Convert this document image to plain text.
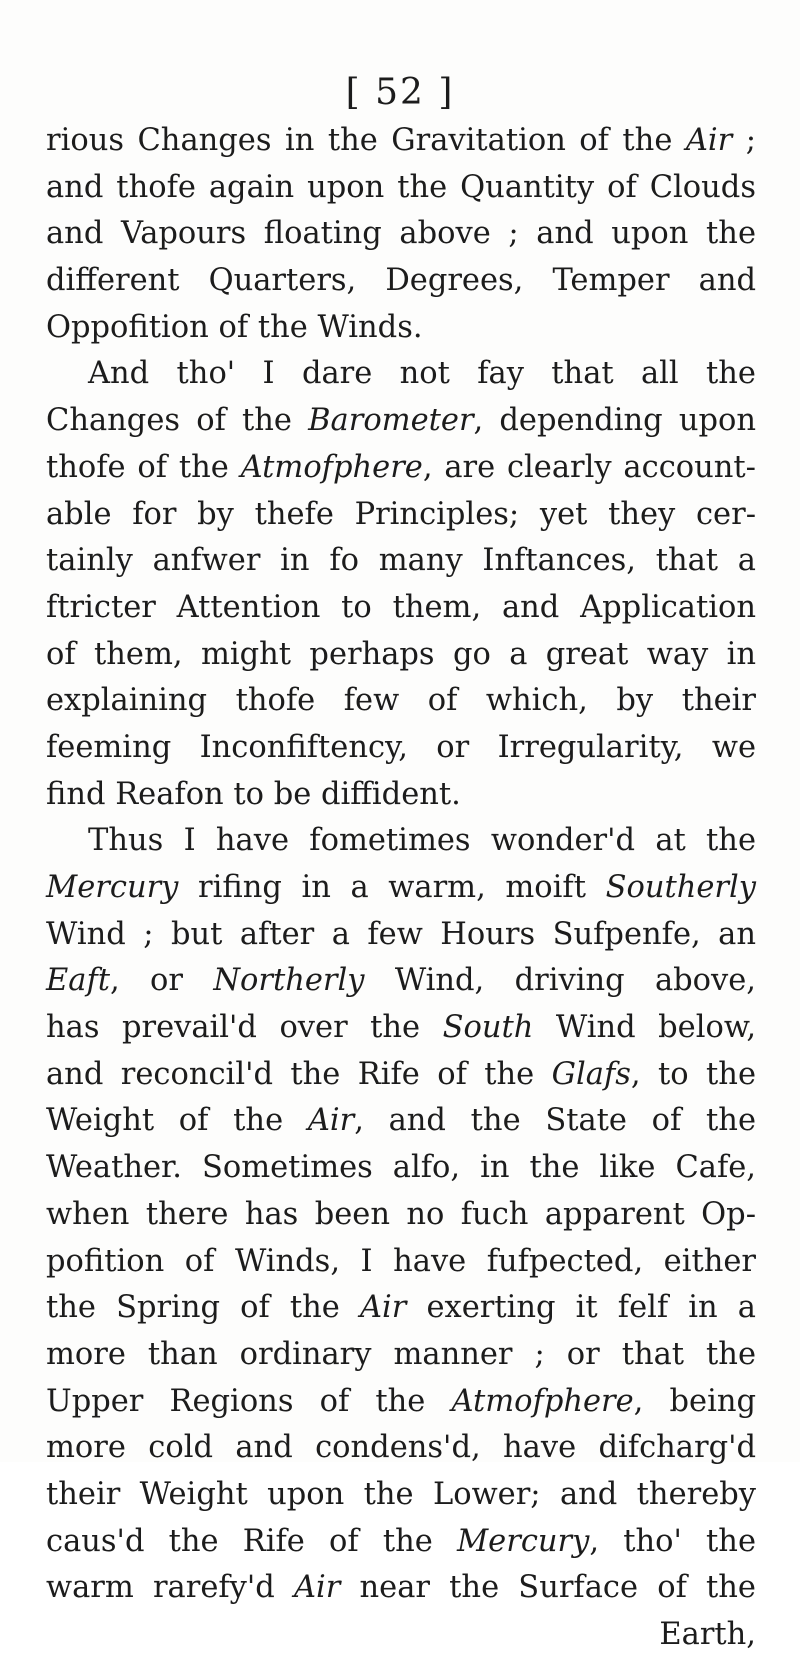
[ 52 ]
rious Changes in the Gravitation of the Air ;
and thofe again upon the Quantity of Clouds
and Vapours floating above ; and upon the
different Quarters, Degrees, Temper and
Oppofition of the Winds.
And tho' I dare not fay that all the
Changes of the Barometer, depending upon
thofe of the Atmofphere, are clearly account-
able for by thefe Principles; yet they cer-
tainly anfwer in fo many Inftances, that a
ftricter Attention to them, and Application
of them, might perhaps go a great way in
explaining thofe few of which, by their
feeming Inconfiftency, or Irregularity, we
find Reafon to be diffident.
Thus I have fometimes wonder'd at the
Mercury rifing in a warm, moift Southerly
Wind ; but after a few Hours Sufpenfe, an
Eaft, or Northerly Wind, driving above,
has prevail'd over the South Wind below,
and reconcil'd the Rife of the Glafs, to the
Weight of the Air, and the State of the
Weather. Sometimes alfo, in the like Cafe,
when there has been no fuch apparent Op-
pofition of Winds, I have fufpected, either
the Spring of the Air exerting it felf in a
more than ordinary manner ; or that the
Upper Regions of the Atmofphere, being
more cold and condens'd, have difcharg'd
their Weight upon the Lower; and thereby
caus'd the Rife of the Mercury, tho' the
warm rarefy'd Air near the Surface of the
Earth,
